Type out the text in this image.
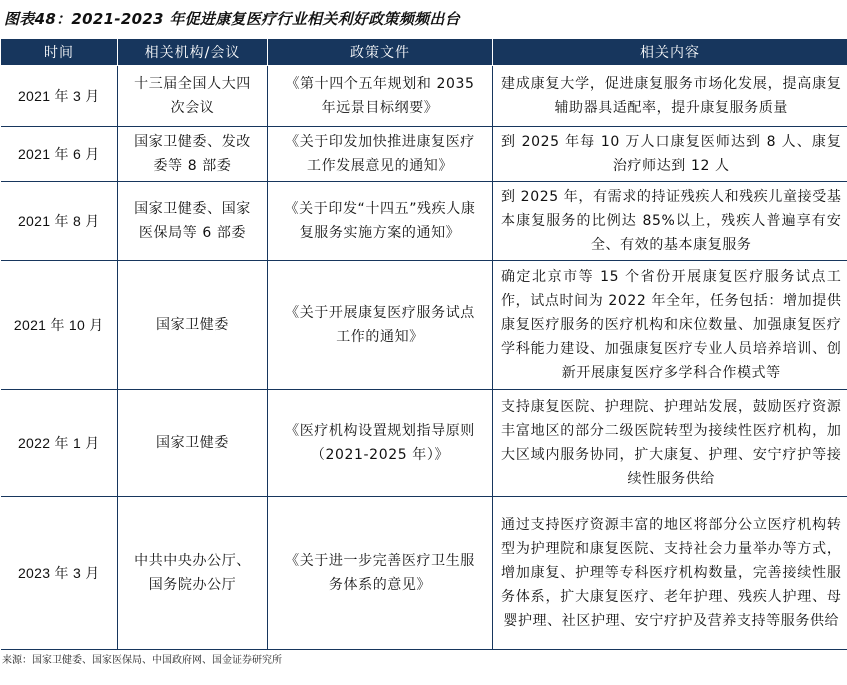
图表48：2021-2023 年促进康复医疗行业相关利好政策频频出台
时间	相关机构/会议	政策文件	相关内容
2021 年 3 月	十三届全国人大四次会议	《第十四个五年规划和 2035 年远景目标纲要》	建成康复大学，促进康复服务市场化发展，提高康复辅助器具适配率，提升康复服务质量
2021 年 6 月	国家卫健委、发改委等 8 部委	《关于印发加快推进康复医疗工作发展意见的通知》	到 2025 年每 10 万人口康复医师达到 8 人、康复治疗师达到 12 人
2021 年 8 月	国家卫健委、国家医保局等 6 部委	《关于印发“十四五”残疾人康复服务实施方案的通知》	到 2025 年，有需求的持证残疾人和残疾儿童接受基本康复服务的比例达 85%以上，残疾人普遍享有安全、有效的基本康复服务
2021 年 10 月	国家卫健委	《关于开展康复医疗服务试点工作的通知》	确定北京市等 15 个省份开展康复医疗服务试点工作，试点时间为 2022 年全年，任务包括：增加提供康复医疗服务的医疗机构和床位数量、加强康复医疗学科能力建设、加强康复医疗专业人员培养培训、创新开展康复医疗多学科合作模式等
2022 年 1 月	国家卫健委	《医疗机构设置规划指导原则（2021-2025 年）》	支持康复医院、护理院、护理站发展，鼓励医疗资源丰富地区的部分二级医院转型为接续性医疗机构，加大区域内服务协同，扩大康复、护理、安宁疗护等接续性服务供给
2023 年 3 月	中共中央办公厅、国务院办公厅	《关于进一步完善医疗卫生服务体系的意见》	通过支持医疗资源丰富的地区将部分公立医疗机构转型为护理院和康复医院、支持社会力量举办等方式，增加康复、护理等专科医疗机构数量，完善接续性服务体系，扩大康复医疗、老年护理、残疾人护理、母婴护理、社区护理、安宁疗护及营养支持等服务供给
来源：国家卫健委、国家医保局、中国政府网、国金证券研究所
